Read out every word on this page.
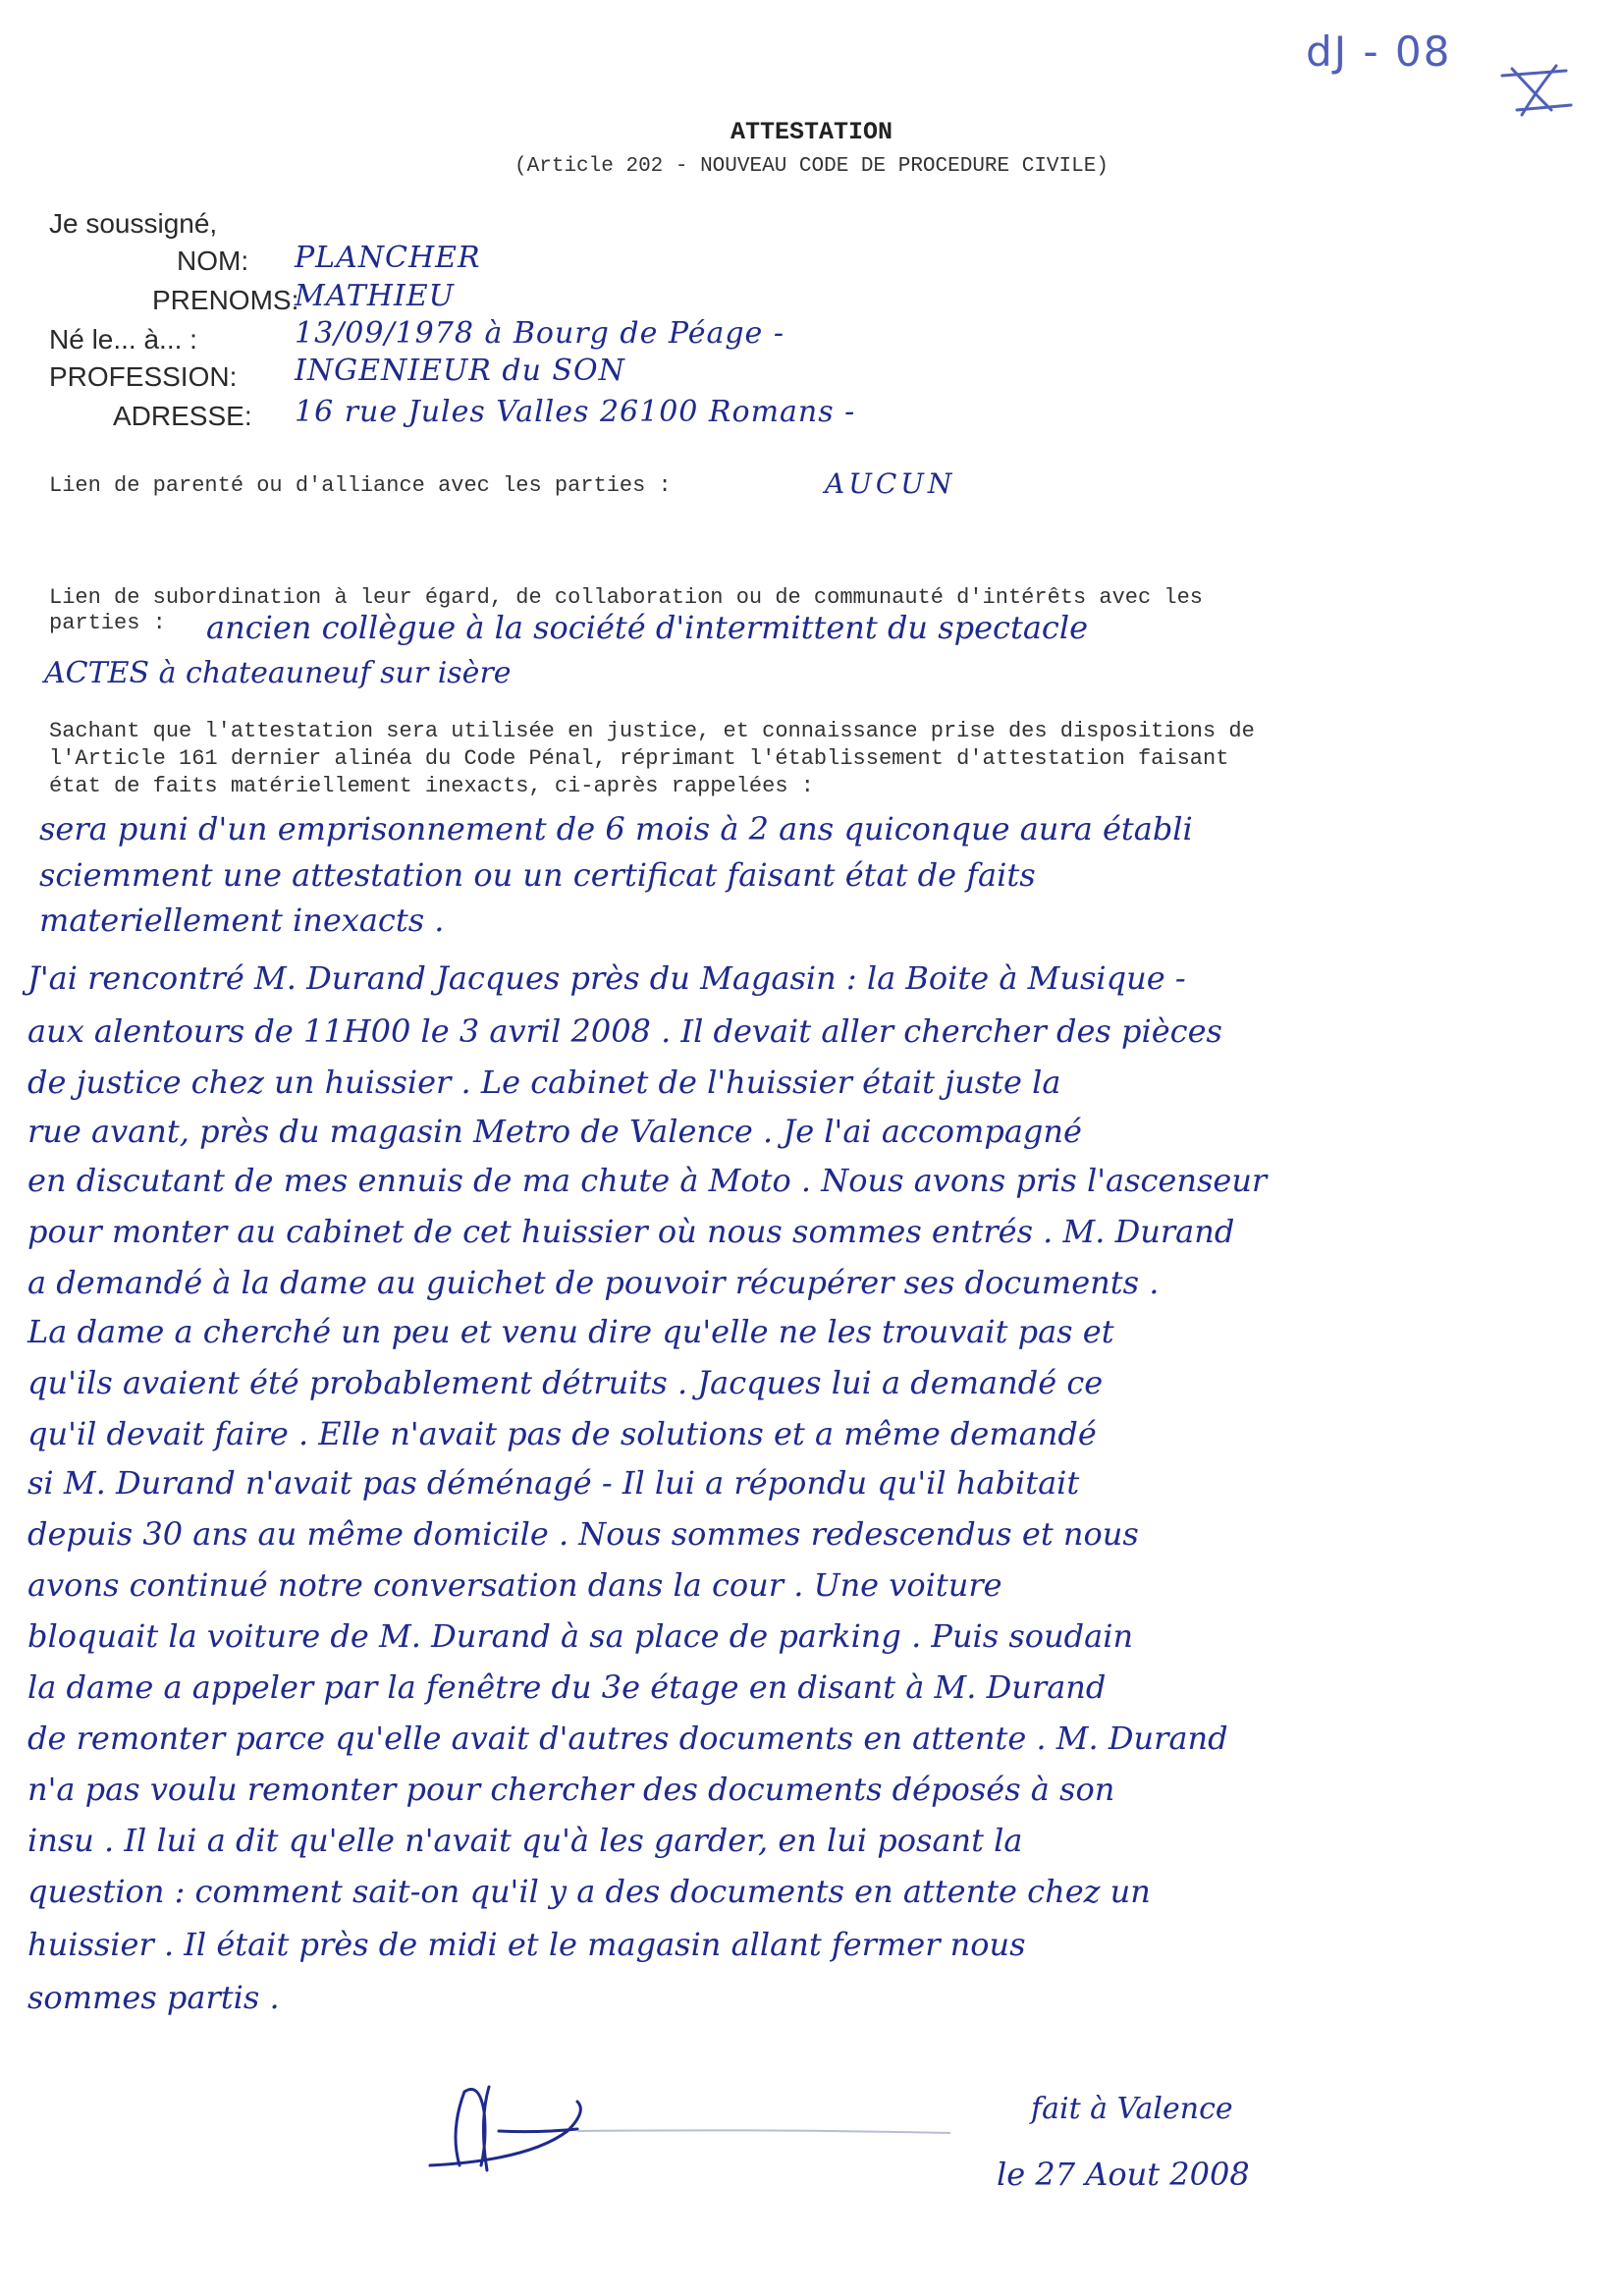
dJ - 08
ATTESTATION
(Article 202 - NOUVEAU CODE DE PROCEDURE CIVILE)
Je soussigné,
NOM: PLANCHER
PRENOMS:
MATHIEU
Né le... à... :	13/09/1978 à Bourg de Péage -
PROFESSION: INGENIEUR du SON
ADRESSE: 16 rue Jules Valles 26100 Romans -
Lien de parenté ou d'alliance avec les parties :	AUCUN
Lien de subordination à leur égard, de collaboration ou de communauté d'intérêts avec les
parties : ancien collègue à la société d'intermittent du spectacle
ACTES à chateauneuf sur isère
Sachant que l'attestation sera utilisée en justice, et connaissance prise des dispositions de
l'Article 161 dernier alinéa du Code Pénal, réprimant l'établissement d'attestation faisant
état de faits matériellement inexacts, ci-après rappelées :
sera puni d'un emprisonnement de 6 mois à 2 ans quiconque aura établi
sciemment une attestation ou un certificat faisant état de faits
materiellement inexacts .
J'ai rencontré M. Durand Jacques près du Magasin : la Boite à Musique -
aux alentours de 11H00 le 3 avril 2008 . Il devait aller chercher des pièces
de justice chez un huissier . Le cabinet de l'huissier était juste la
rue avant, près du magasin Metro de Valence . Je l'ai accompagné
en discutant de mes ennuis de ma chute à Moto . Nous avons pris l'ascenseur
pour monter au cabinet de cet huissier où nous sommes entrés . M. Durand
a demandé à la dame au guichet de pouvoir récupérer ses documents .
La dame a cherché un peu et venu dire qu'elle ne les trouvait pas et
qu'ils avaient été probablement détruits . Jacques lui a demandé ce
qu'il devait faire . Elle n'avait pas de solutions et a même demandé
si M. Durand n'avait pas déménagé - Il lui a répondu qu'il habitait
depuis 30 ans au même domicile . Nous sommes redescendus et nous
avons continué notre conversation dans la cour . Une voiture
bloquait la voiture de M. Durand à sa place de parking . Puis soudain
la dame a appeler par la fenêtre du 3e étage en disant à M. Durand
de remonter parce qu'elle avait d'autres documents en attente . M. Durand
n'a pas voulu remonter pour chercher des documents déposés à son
insu . Il lui a dit qu'elle n'avait qu'à les garder, en lui posant la
question : comment sait-on qu'il y a des documents en attente chez un
huissier . Il était près de midi et le magasin allant fermer nous
sommes partis .
fait à Valence
le 27 Aout 2008
